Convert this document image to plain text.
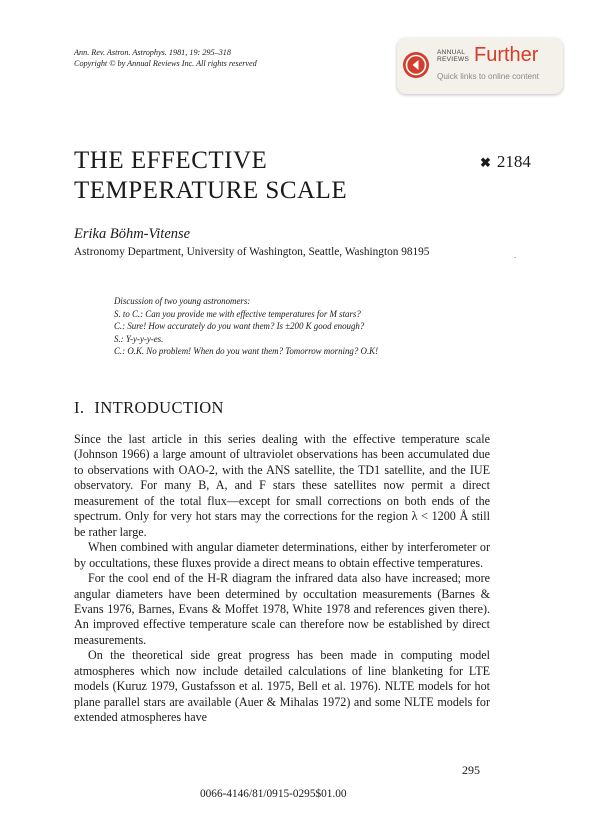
Ann. Rev. Astron. Astrophys. 1981, 19: 295–318
Copyright © by Annual Reviews Inc. All rights reserved
ANNUAL
REVIEWS Further
Quick links to online content
THE EFFECTIVE
TEMPERATURE SCALE
✖ 2184
Erika Böhm-Vitense
Astronomy Department, University of Washington, Seattle, Washington 98195	.
Discussion of two young astronomers:
S. to C.: Can you provide me with effective temperatures for M stars?
C.: Sure! How accurately do you want them? Is ±200 K good enough?
S.: Y-y-y-y-es.
C.: O.K. No problem! When do you want them? Tomorrow morning? O.K!
I. INTRODUCTION

Since the last article in this series dealing with the effective temperature scale (Johnson 1966) a large amount of ultraviolet observations has been accumulated due to observations with OAO-2, with the ANS satellite, the TD1 satellite, and the IUE observatory. For many B, A, and F stars these satellites now permit a direct measurement of the total flux—except for small corrections on both ends of the spectrum. Only for very hot stars may the corrections for the region λ < 1200 Å still be rather large.

When combined with angular diameter determinations, either by interferometer or by occultations, these fluxes provide a direct means to obtain effective temperatures.

For the cool end of the H-R diagram the infrared data also have increased; more angular diameters have been determined by occultation measurements (Barnes & Evans 1976, Barnes, Evans & Moffet 1978, White 1978 and references given there). An improved effective temperature scale can therefore now be established by direct measurements.

On the theoretical side great progress has been made in computing model atmospheres which now include detailed calculations of line blanketing for LTE models (Kuruz 1979, Gustafsson et al. 1975, Bell et al. 1976). NLTE models for hot plane parallel stars are available (Auer & Mihalas 1972) and some NLTE models for extended atmospheres have

295
0066-4146/81/0915-0295$01.00
